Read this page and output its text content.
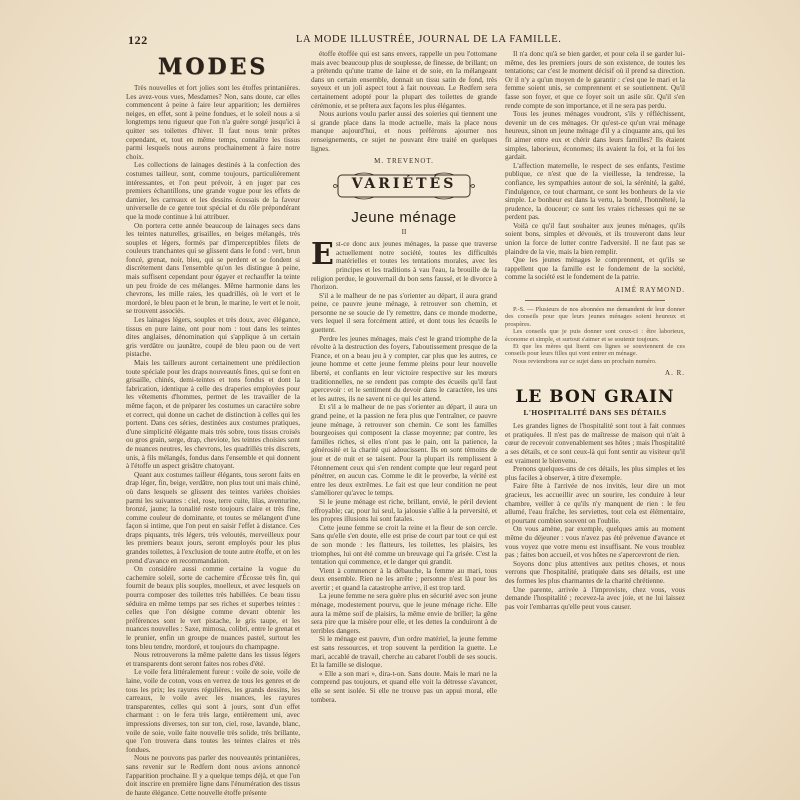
122	LA MODE ILLUSTRÉE, JOURNAL DE LA FAMILLE.
MODES

Très nouvelles et fort jolies sont les étoffes printanières. Les avez-vous vues, Mesdames? Non, sans doute, car elles commencent à peine à faire leur apparition; les dernières neiges, en effet, sont à peine fondues, et le soleil nous a si longtemps tenu rigueur que l'on n'a guère songé jusqu'ici à quitter ses toilettes d'hiver. Il faut nous tenir prêtes cependant, et, tout en même temps, connaître les tissus parmi lesquels nous aurons prochainement à faire notre choix.

Les collections de lainages destinés à la confection des costumes tailleur, sont, comme toujours, particulièrement intéressantes, et l'on peut prévoir, à en juger par ces premiers échantillons, une grande vogue pour les effets de damier, les carreaux et les dessins écossais de la faveur universelle de ce genre tout spécial et du rôle prépondérant que la mode continue à lui attribuer.

On portera cette année beaucoup de lainages secs dans les teintes naturelles, grisailles, en beiges mélangés, très souples et légers, formés par d'imperceptibles filets de couleurs tranchantes qui se glissent dans le fond : vert, brun foncé, grenat, noir, bleu, qui se perdent et se fondent si discrètement dans l'ensemble qu'on les distingue à peine, mais suffisent cependant pour égayer et rechauffer la teinte un peu froide de ces mélanges. Même harmonie dans les chevrons, les mille raies, les quadrillés, où le vert et le mordoré, le bleu paon et le brun, le marine, le vert et le noir, se trouvent associés.

Les lainages légers, souples et très doux, avec élégance, tissus en pure laine, ont pour nom : tout dans les teintes dites anglaises, dénomination qui s'applique à un certain gris verdâtre ou jaunâtre, coupé de bleu paon ou de vert pistache.

Mais les tailleurs auront certainement une prédilection toute spéciale pour les draps nouveautés fines, qui se font en grisaille, chinés, demi-teintes et tons fondus et dont la fabrication, identique à celle des draperies employées pour les vêtements d'hommes, permet de les travailler de la même façon, et de préparer les costumes un caractère sobre et correct, qui donne un cachet de distinction à celles qui les portent. Dans ces séries, destinées aux costumes pratiques, d'une simplicité élégante mais très sobre, tous tissus croisés ou gros grain, serge, drap, cheviote, les teintes choisies sont de nuances neutres, les chevrons, les quadrillés très discrets, unis, à fils mélangés, fondus dans l'ensemble et qui donnent à l'étoffe un aspect grisâtre chatoyant.

Quant aux costumes tailleur élégants, tous seront faits en drap léger, fin, beige, verdâtre, non plus tout uni mais chiné, où dans lesquels se glissent des teintes variées choisies parmi les suivantes : ciel, rose, terre cuite, lilas, aventurine, bronzé, jaune; la tonalité reste toujours claire et très fine, comme couleur de dominante, et toutes se mélangent d'une façon si intime, que l'on peut en saisir l'effet à distance. Ces draps piquants, très légers, très veloutés, merveilleux pour les premiers beaux jours, seront employés pour les plus grandes toilettes, à l'exclusion de toute autre étoffe, et on les prend d'avance en recommandation.

On considère aussi comme certaine la vogue du cachemire soleil, sorte de cachemire d'Écosse très fin, qui fournit de beaux plis souples, moelleux, et avec lesquels on pourra composer des toilettes très habillées. Ce beau tissu séduira en même temps par ses riches et superbes teintes : celles que l'on désigne comme devant obtenir les préférences sont le vert pistache, le gris taupe, et les nuances nouvelles : Saxe, mimosa, colibri, entre le grenat et le prunier, enfin un groupe de nuances pastel, surtout les tons bleu tendre, mordoré, et toujours du champagne.

Nous retrouverons la même palette dans les tissus légers et transparents dont seront faites nos robes d'été.

Le voile fera littéralement fureur : voile de soie, voile de laine, voile de coton, vous en verrez de tous les genres et de tous les prix; les rayures régulières, les grands dessins, les carreaux, le voile avec les nuances, les rayures transparentes, celles qui sont à jours, sont d'un effet charmant : on le fera très large, entièrement uni, avec impressions diverses, ton sur ton, ciel, rose, lavande, blanc, voile de soie, voile faite nouvelle très solide, très brillante, que l'on trouvera dans toutes les teintes claires et très fondues.

Nous ne pouvons pas parler des nouveautés printanières, sans revenir sur le Redfern dont nous avions annoncé l'apparition prochaine. Il y a quelque temps déjà, et que l'on doit inscrire en première ligne dans l'énumération des tissus de haute élégance. Cette nouvelle étoffe présente

étoffe étoffée qui est sans envers, rappelle un peu l'ottomane mais avec beaucoup plus de souplesse, de finesse, de brillant; on a prétendu qu'une trame de laine et de soie, en la mélangeant dans un certain ensemble, donnait un tissu satin de fond, très soyeux et un joli aspect tout à fait nouveau. Le Redfern sera certainement adopté pour la plupart des toilettes de grande cérémonie, et se prêtera aux façons les plus élégantes.

Nous aurions voulu parler aussi des soieries qui tiennent une si grande place dans la mode actuelle, mais la place nous manque aujourd'hui, et nous préférons ajourner nos renseignements, ce sujet ne pouvant être traité en quelques lignes.

M. TREVENOT.
VARIÉTÉS
Jeune ménage
II
E st-ce donc aux jeunes ménages, la passe que traverse actuellement notre société, toutes les difficultés matérielles et toutes les tentations morales, avec les principes et les traditions à vau l'eau, la brouille de la religion perdue, le gouvernail du bon sens faussé, et le divorce à l'horizon.

S'il a le malheur de ne pas s'orienter au départ, il aura grand peine, ce pauvre jeune ménage, à retrouver son chemin, et personne ne se soucie de l'y remettre, dans ce monde moderne, vers lequel il sera forcément attiré, et dont tous les écueils le guettent.

Perdre les jeunes ménages, mais c'est le grand triomphe de la révolte à la destruction des foyers, l'aboutissement presque de la France, et on a beau jeu à y compter, car plus que les autres, ce jeune homme et cette jeune femme pleins pour leur nouvelle liberté, et confiants en leur victoire respective sur les mœurs traditionnelles, ne se rendent pas compte des écueils qu'il faut apercevoir : et le sentiment du devoir dans le caractère, les uns et les autres, ils ne savent ni ce qui les attend.

Et s'il a le malheur de ne pas s'orienter au départ, il aura un grand peine, et la passion ne fera plus que l'entraîner, ce pauvre jeune ménage, à retrouver son chemin. Ce sont les familles bourgeoises qui composent la classe moyenne; par contre, les familles riches, si elles n'ont pas le pain, ont la patience, la générosité et la charité qui adoucissent. Ils en sont témoins de jour et de nuit et se taisent. Pour la plupart ils remplissent à l'étonnement ceux qui s'en rendent compte que leur regard peut pénétrer, en aucun cas. Comme le dit le proverbe, la vérité est entre les deux extrêmes. Le fait est que leur condition ne peut s'améliorer qu'avec le temps.

Si le jeune ménage est riche, brillant, envié, le péril devient effroyable; car, pour lui seul, la jalousie s'allie à la perversité, et les propres illusions lui sont fatales.

Cette jeune femme se croit la reine et la fleur de son cercle. Sans qu'elle s'en doute, elle est prise de court par tout ce qui est de son monde : les flatteurs, les toilettes, les plaisirs, les triomphes, lui ont été comme un breuvage qui l'a grisée. C'est la tentation qui commence, et le danger qui grandit.

Vient à commencer à la débauche, la femme au mari, tous deux ensemble. Rien ne les arrête ; personne n'est là pour les avertir ; et quand la catastrophe arrive, il est trop tard.

La jeune femme ne sera guère plus en sécurité avec son jeune ménage, modestement pourvu, que le jeune ménage riche. Elle aura la même soif de plaisirs, la même envie de briller; la gêne sera pire que la misère pour elle, et les dettes la conduiront à de terribles dangers.

Si le ménage est pauvre, d'un ordre matériel, la jeune femme est sans ressources, et trop souvent la perdition la guette. Le mari, accablé de travail, cherche au cabaret l'oubli de ses soucis. Et la famille se disloque.

« Elle a son mari », dira-t-on. Sans doute. Mais le mari ne la comprend pas toujours, et quand elle voit la détresse s'avancer, elle se sent isolée. Si elle ne trouve pas un appui moral, elle tombera.

Il n'a donc qu'à se bien garder, et pour cela il se garder lui-même, des les premiers jours de son existence, de toutes les tentations; car c'est le moment décisif où il prend sa direction. Or il n'y a qu'un moyen de le garantir : c'est que le mari et la femme soient unis, se comprennent et se soutiennent. Qu'il fasse son foyer, et que ce foyer soit un asile sûr. Qu'il s'en rende compte de son importance, et il ne sera pas perdu.

Tous les jeunes ménages voudront, s'ils y réfléchissent, devenir un de ces ménages. Or qu'est-ce qu'un vrai ménage heureux, sinon un jeune ménage d'il y a cinquante ans, qui les fit aimer entre eux et chérir dans leurs familles? Ils étaient simples, laborieux, économes; ils avaient la foi, et la foi les gardait.

L'affection maternelle, le respect de ses enfants, l'estime publique, ce n'est que de la vieillesse, la tendresse, la confiance, les sympathies autour de soi, la sérénité, la gaîté, l'indulgence, ce tout charmant, ce sont les bonheurs de la vie simple. Le bonheur est dans la vertu, la bonté, l'honnêteté, la prudence, la douceur; ce sont les vraies richesses qui ne se perdent pas.

Voilà ce qu'il faut souhaiter aux jeunes ménages, qu'ils soient bons, simples et dévoués, et ils trouveront dans leur union la force de lutter contre l'adversité. Il ne faut pas se plaindre de la vie, mais la bien remplir.

Que les jeunes ménages le comprennent, et qu'ils se rappellent que la famille est le fondement de la société, comme la société est le fondement de la patrie.

AIMÉ RAYMOND.

P.-S. — Plusieurs de nos abonnées me demandent de leur donner des conseils pour que leurs jeunes ménages soient heureux et prospères.

Les conseils que je puis donner sont ceux-ci : être laborieux, économe et simple, et surtout s'aimer et se soutenir toujours.

Et que les mères qui lisent ces lignes se souviennent de ces conseils pour leurs filles qui vont entrer en ménage.

Nous reviendrons sur ce sujet dans un prochain numéro.

A. R.
LE BON GRAIN
L'HOSPITALITÉ DANS SES DÉTAILS

Les grandes lignes de l'hospitalité sont tout à fait connues et pratiquées. Il n'est pas de maîtresse de maison qui n'ait à cœur de recevoir convenablement ses hôtes ; mais l'hospitalité a ses détails, et ce sont ceux-là qui font sentir au visiteur qu'il est vraiment le bienvenu.

Prenons quelques-uns de ces détails, les plus simples et les plus faciles à observer, à titre d'exemple.

Faire fête à l'arrivée de nos invités, leur dire un mot gracieux, les accueillir avec un sourire, les conduire à leur chambre, veiller à ce qu'ils n'y manquent de rien : le feu allumé, l'eau fraîche, les serviettes, tout cela est élémentaire, et pourtant combien souvent on l'oublie.

On vous amène, par exemple, quelques amis au moment même du déjeuner : vous n'avez pas été prévenue d'avance et vous voyez que votre menu est insuffisant. Ne vous troublez pas ; faites bon accueil, et vos hôtes ne s'apercevront de rien.

Soyons donc plus attentives aux petites choses, et nous verrons que l'hospitalité, pratiquée dans ses détails, est une des formes les plus charmantes de la charité chrétienne.

Une parente, arrivée à l'improviste, chez vous, vous demande l'hospitalité ; recevez-la avec joie, et ne lui laissez pas voir l'embarras qu'elle peut vous causer.
